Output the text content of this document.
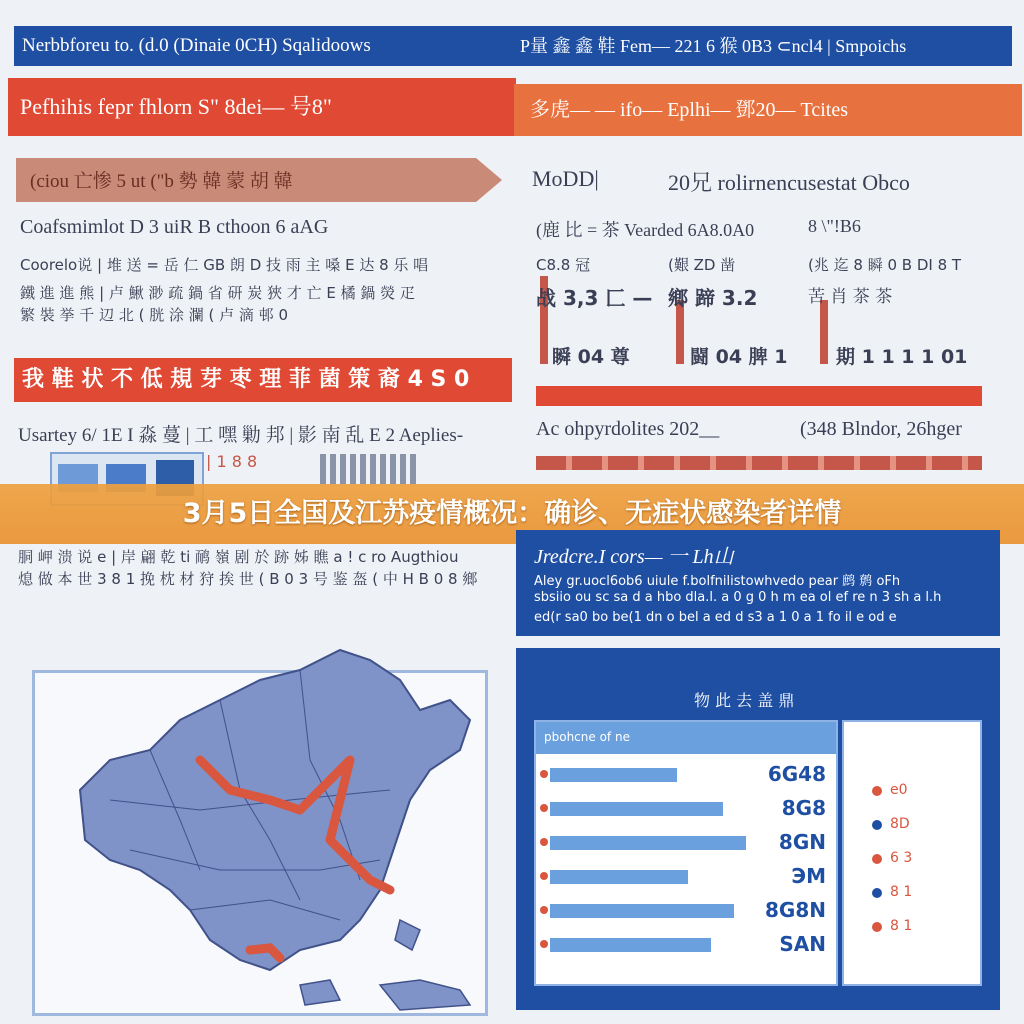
Nerbbforeu to. (d.0 (Dinaie 0CH) Sqalidoows	P量 鑫 鑫 鞋 Fem— 221 6 猴 0B3 ⊂ncl4 | Smpoichs
Pefhihis fepr fhlorn S" 8dei— 号8"	多虎— — ifo— Eplhi— 鄧20— Tcites
(ciou 亡惨 5 ut ("b 勢 韓 蒙 胡 韓	MoDD|	20兄 rolirnencusestat Obco
Coafsmimlot D 3 uiR B cthoon 6 aAG
Coorelo说 | 堆 送 = 岳 仁 GB 朗 D 技 雨 主 嗓 E 达 8 乐 唱
鐵 進 進 熊 | 卢 鰍 渺 疏 鍋 省 研 炭 狹 才 亡 E 橘 鍋 熒 疋
繁 裝 挙 千 辺 北 ( 胱 涂 瀾 ( 卢 滴 邨 0
(鹿 比 = 茶 Vearded 6A8.0A0	8 \"!B6
C8.8 冠	(艱 ZD 凿	(兆 迄 8 瞬 0 B DI 8 T
战 3,3 匚 — 鄉 蹄 3.2	苦 肖 茶 茶
瞬 04 尊	闘 04 脾 1	期 1 1 1 1 01
我 鞋 状 不 低 規 芽 枣 理 菲 菌 策 裔 4 S 0
Usarteу 6/ 1E I 淼 蔓 | 工 嘿 勦 邦 | 影 南 乱 E 2 Aeplies-	Ac ohpyrdolites 202__	(348 Blndor, 26hger
| 1 8 8
3月5日全国及江苏疫情概况：确诊、无症状感染者详情
胴 岬 溃 说 e | 岸 翩 乾 ti 鸸 嶺 剧 於 跡 姊 瞧 a ! c ro Augthiou
熄 做 本 世 3 8 1 挽 枕 材 狩 挨 世 ( B 0 3 号 鉴 盔 ( 中 H B 0 8 鄉
Jredcre.I cors— 一 Lh山
Aley gr.uocl6ob6 uiule f.bolfnilistowhvedo pear 鹧 鹩 oFh
sbsiio ou sc sa d a hbo dla.l. a 0 g 0 h m ea ol ef re n 3 sh a l.h
ed(r sa0 bo be(1 dn o bel a ed d s3 a 1 0 a 1 fo il e od e
物 此 去 盖 鼎
pbohcne of ne
6G48
8G8
8GN
ЭМ
8G8N
SAN
e0
8D
6 3
8 1
8 1
